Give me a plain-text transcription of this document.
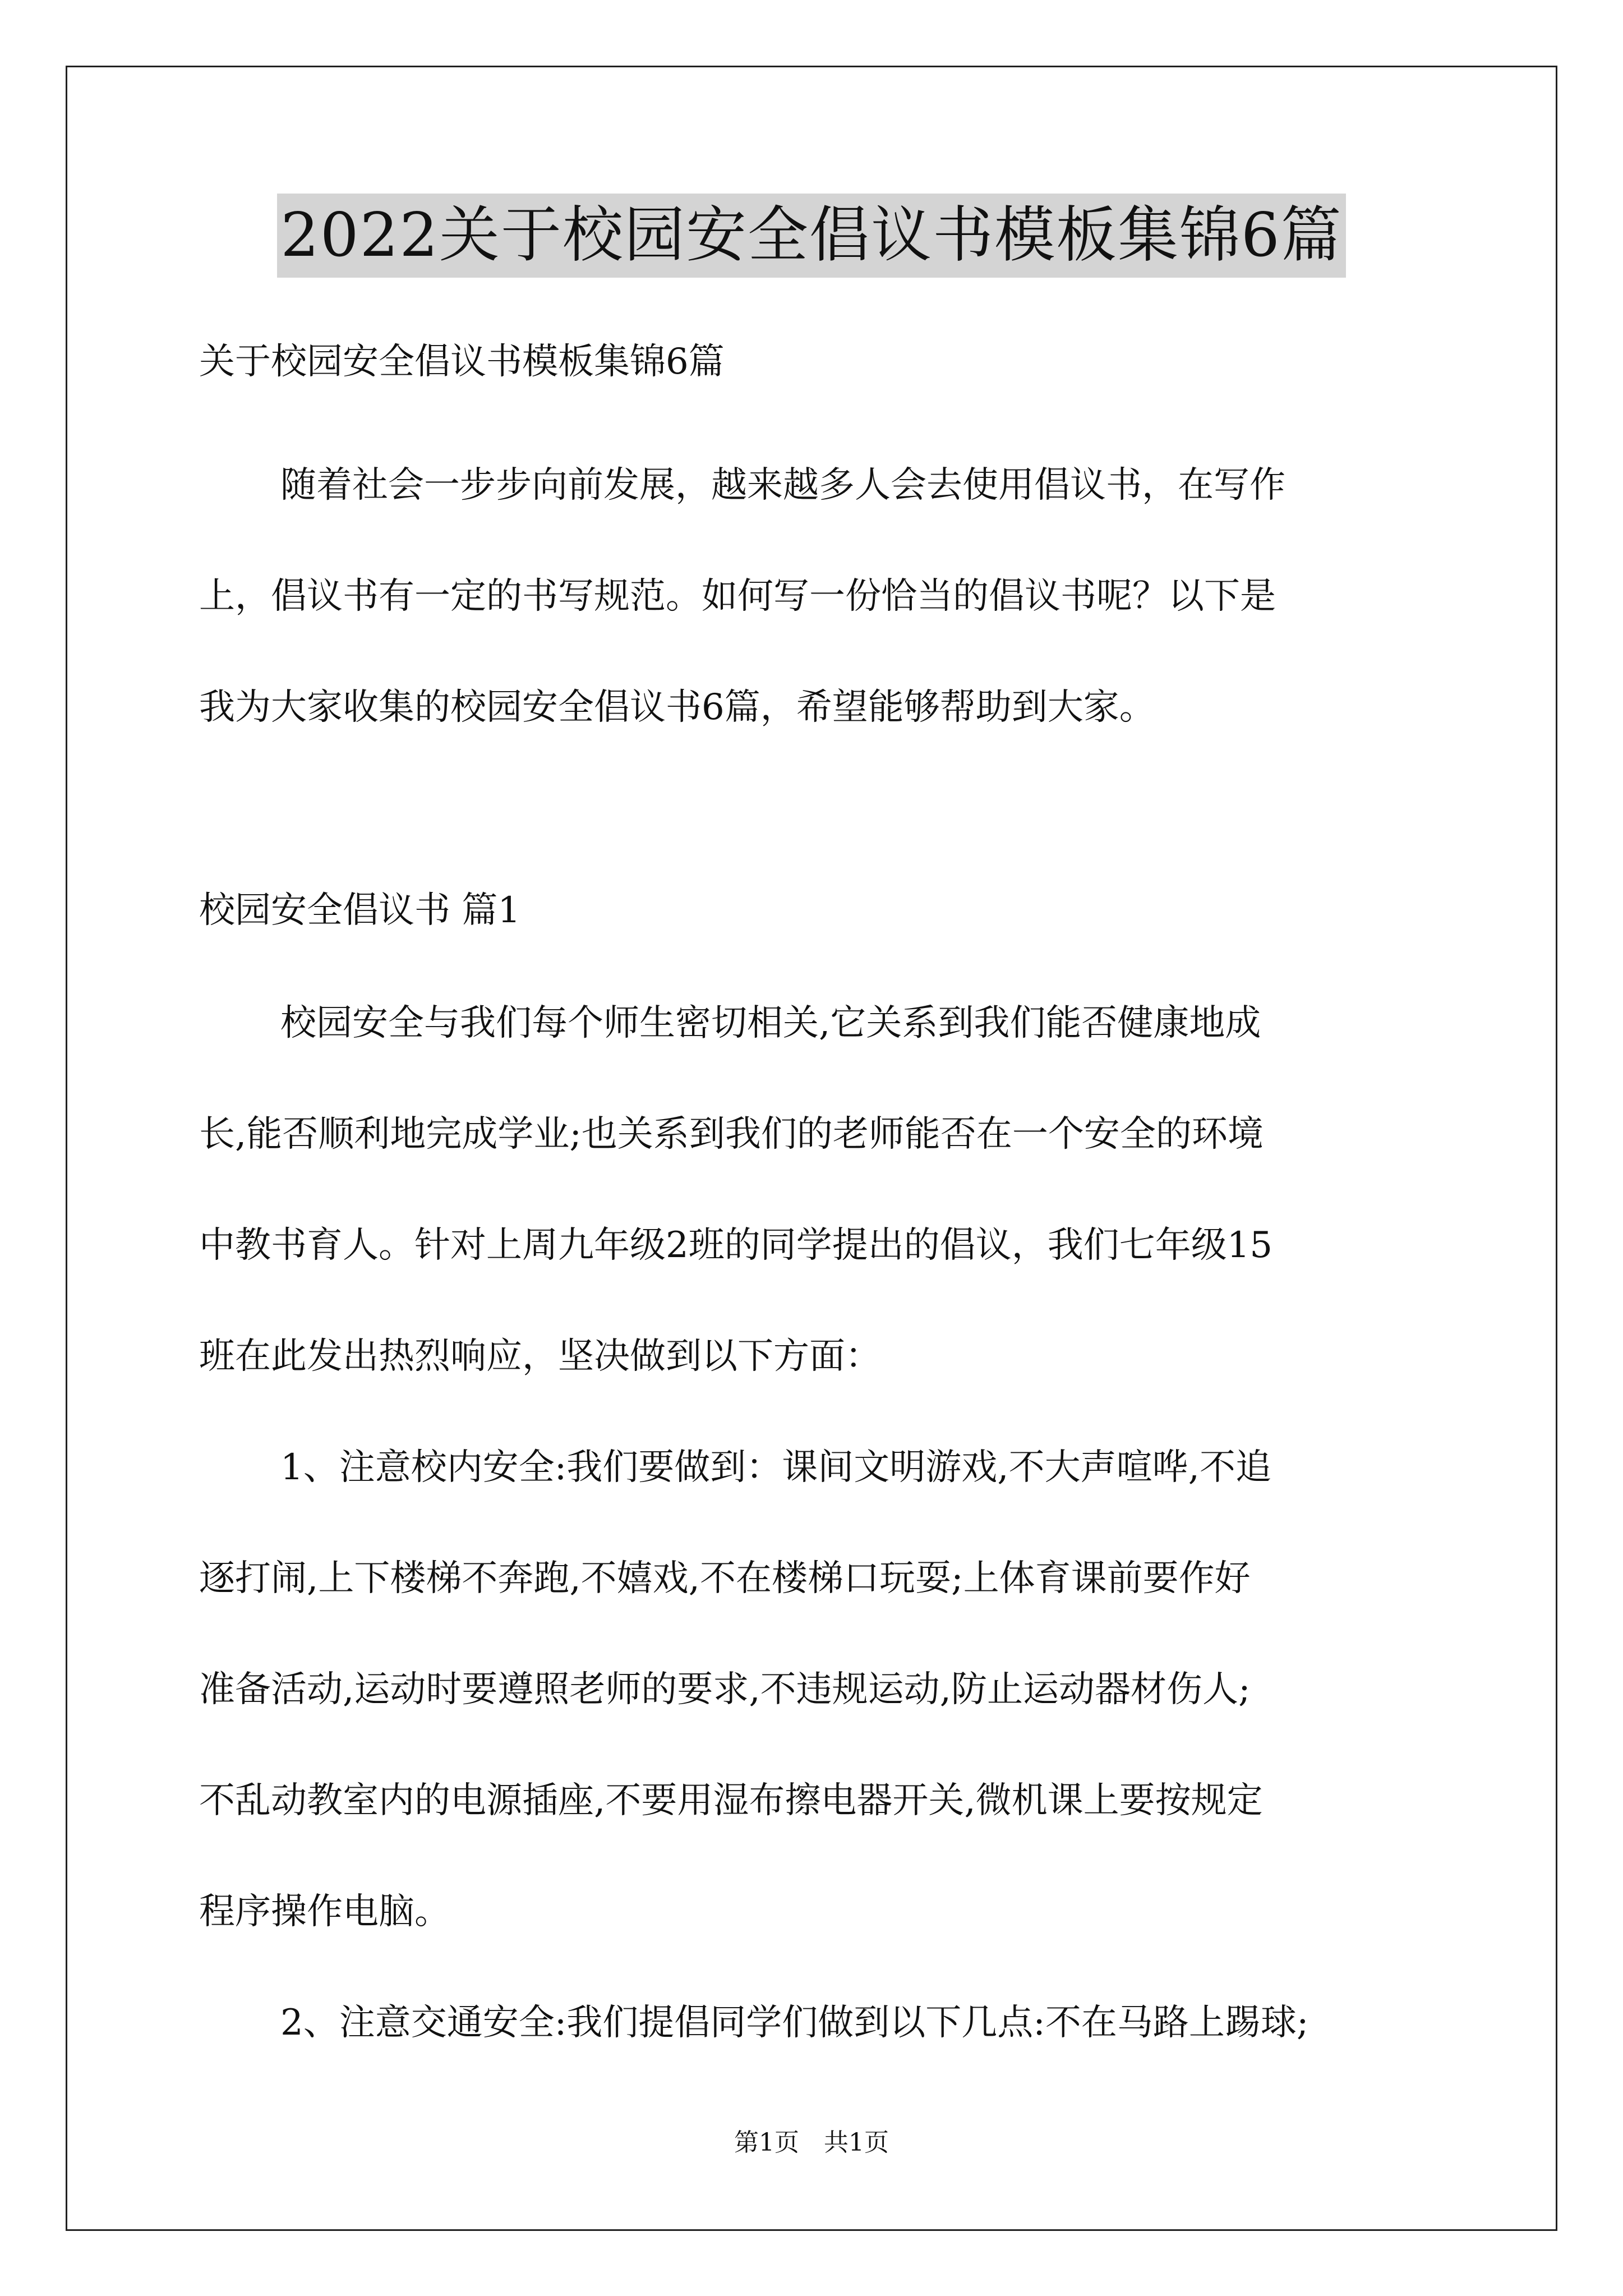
2022关于校园安全倡议书模板集锦6篇
关于校园安全倡议书模板集锦6篇
随着社会一步步向前发展，越来越多人会去使用倡议书，在写作
上，倡议书有一定的书写规范。如何写一份恰当的倡议书呢？以下是
我为大家收集的校园安全倡议书6篇，希望能够帮助到大家。
校园安全倡议书 篇1
校园安全与我们每个师生密切相关,它关系到我们能否健康地成
长,能否顺利地完成学业;也关系到我们的老师能否在一个安全的环境
中教书育人。针对上周九年级2班的同学提出的倡议，我们七年级15
班在此发出热烈响应，坚决做到以下方面：
1、注意校内安全:我们要做到：课间文明游戏,不大声喧哗,不追
逐打闹,上下楼梯不奔跑,不嬉戏,不在楼梯口玩耍;上体育课前要作好
准备活动,运动时要遵照老师的要求,不违规运动,防止运动器材伤人;
不乱动教室内的电源插座,不要用湿布擦电器开关,微机课上要按规定
程序操作电脑。
2、注意交通安全:我们提倡同学们做到以下几点:不在马路上踢球;
第1页　共1页
